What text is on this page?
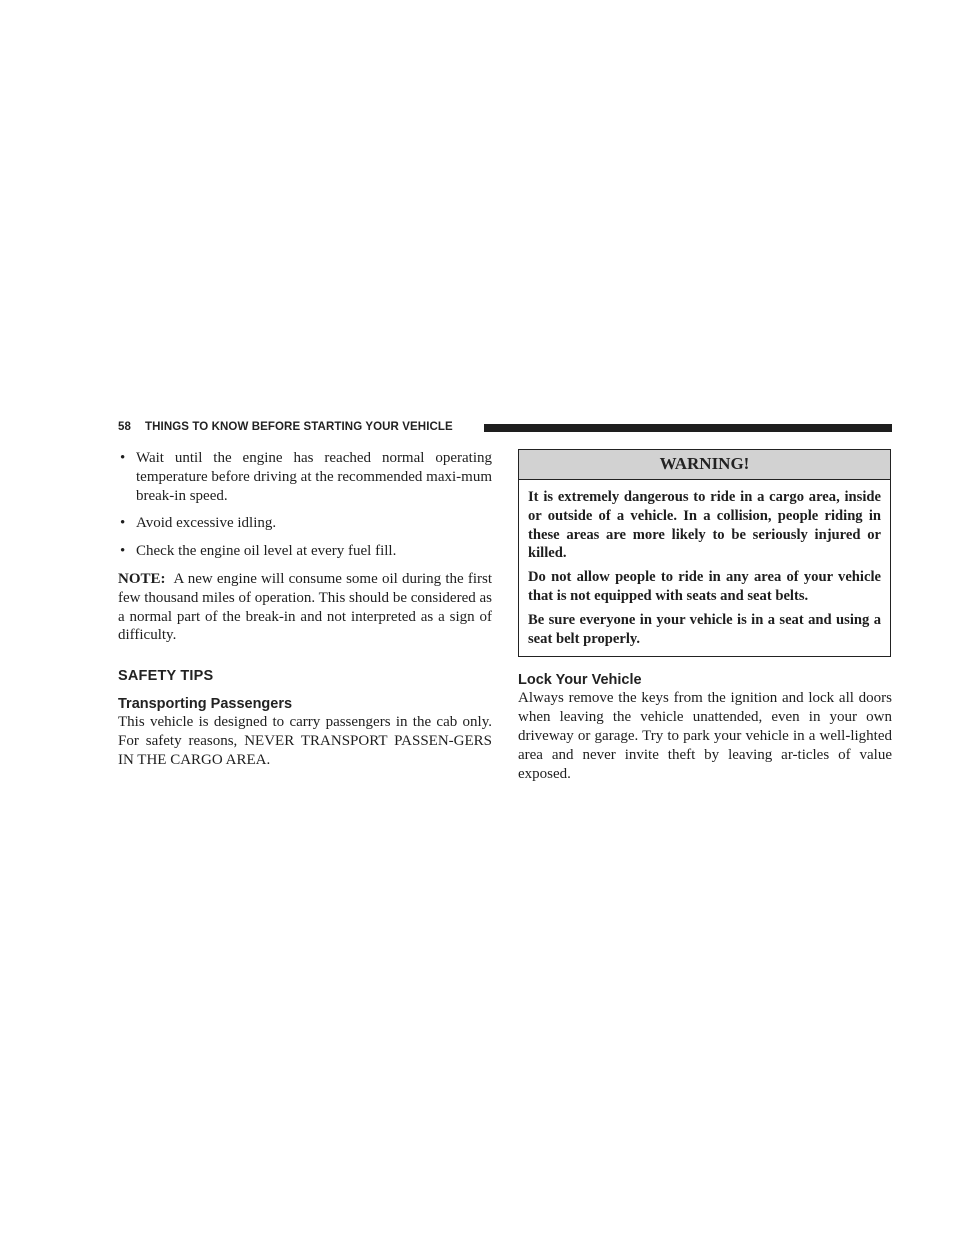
58 THINGS TO KNOW BEFORE STARTING YOUR VEHICLE
• Wait until the engine has reached normal operating temperature before driving at the recommended maxi-mum break-in speed.
• Avoid excessive idling.
• Check the engine oil level at every fuel fill.

NOTE: A new engine will consume some oil during the first few thousand miles of operation. This should be considered as a normal part of the break-in and not interpreted as a sign of difficulty.

SAFETY TIPS
Transporting Passengers

This vehicle is designed to carry passengers in the cab only. For safety reasons, NEVER TRANSPORT PASSEN-GERS IN THE CARGO AREA.

WARNING!

It is extremely dangerous to ride in a cargo area, inside or outside of a vehicle. In a collision, people riding in these areas are more likely to be seriously injured or killed.

Do not allow people to ride in any area of your vehicle that is not equipped with seats and seat belts.

Be sure everyone in your vehicle is in a seat and using a seat belt properly.

Lock Your Vehicle

Always remove the keys from the ignition and lock all doors when leaving the vehicle unattended, even in your own driveway or garage. Try to park your vehicle in a well-lighted area and never invite theft by leaving ar-ticles of value exposed.
